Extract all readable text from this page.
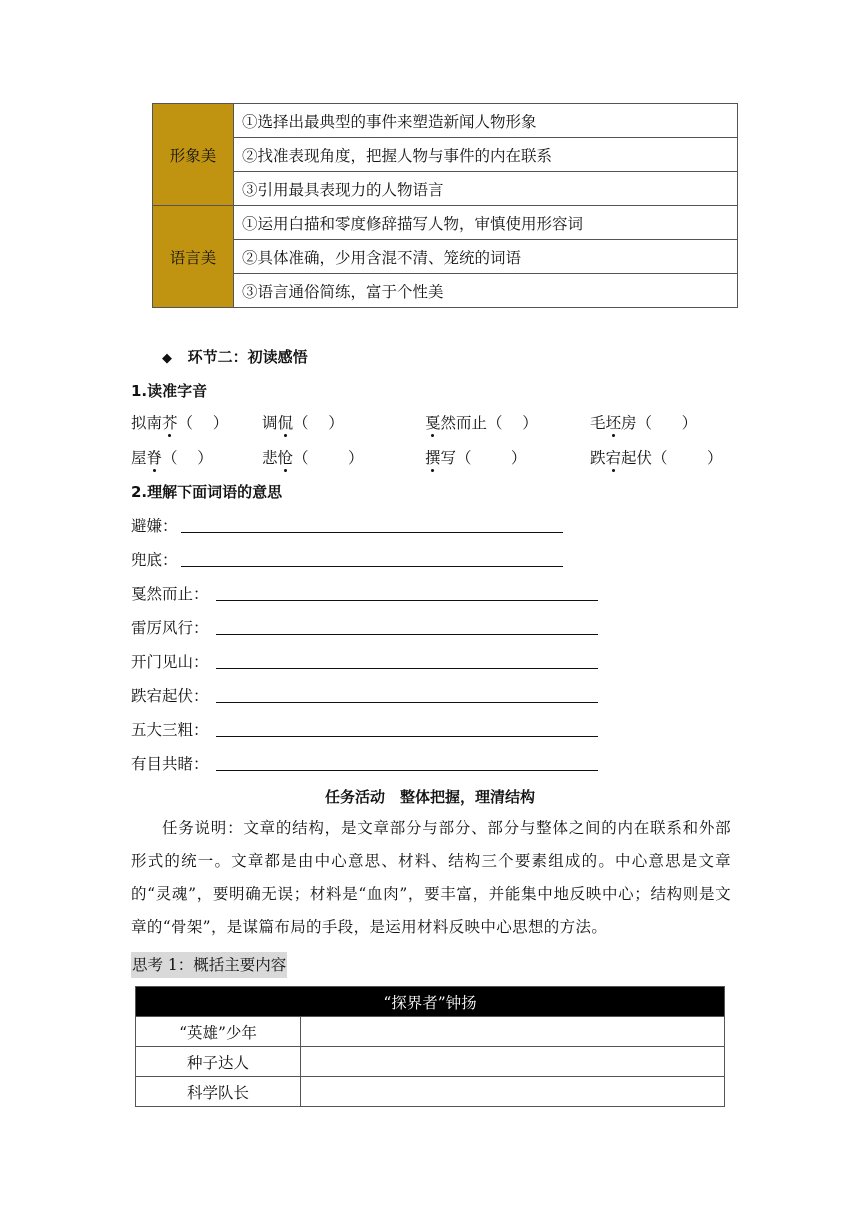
形象美	①选择出最典型的事件来塑造新闻人物形象
	②找准表现角度，把握人物与事件的内在联系
	③引用最具表现力的人物语言
语言美	①运用白描和零度修辞描写人物，审慎使用形容词
	②具体准确，少用含混不清、笼统的词语
	③语言通俗简练，富于个性美
◆ 环节二：初读感悟
1.读准字音
拟南芥（    ） 调侃（    ）	戛然而止（    ）	毛坯房（      ）
屋脊（    ）	悲怆（        ）	撰写（        ）	跌宕起伏（        ）
2.理解下面词语的意思
避嫌：
兜底：
戛然而止：
雷厉风行：
开门见山：
跌宕起伏：
五大三粗：
有目共睹：
任务活动　整体把握，理清结构
任务说明：文章的结构，是文章部分与部分、部分与整体之间的内在联系和外部形式的统一。文章都是由中心意思、材料、结构三个要素组成的。中心意思是文章的“灵魂”，要明确无误；材料是“血肉”，要丰富，并能集中地反映中心；结构则是文章的“骨架”，是谋篇布局的手段，是运用材料反映中心思想的方法。
思考 1：概括主要内容
“探界者”钟扬	
“英雄”少年	
种子达人	
科学队长	
